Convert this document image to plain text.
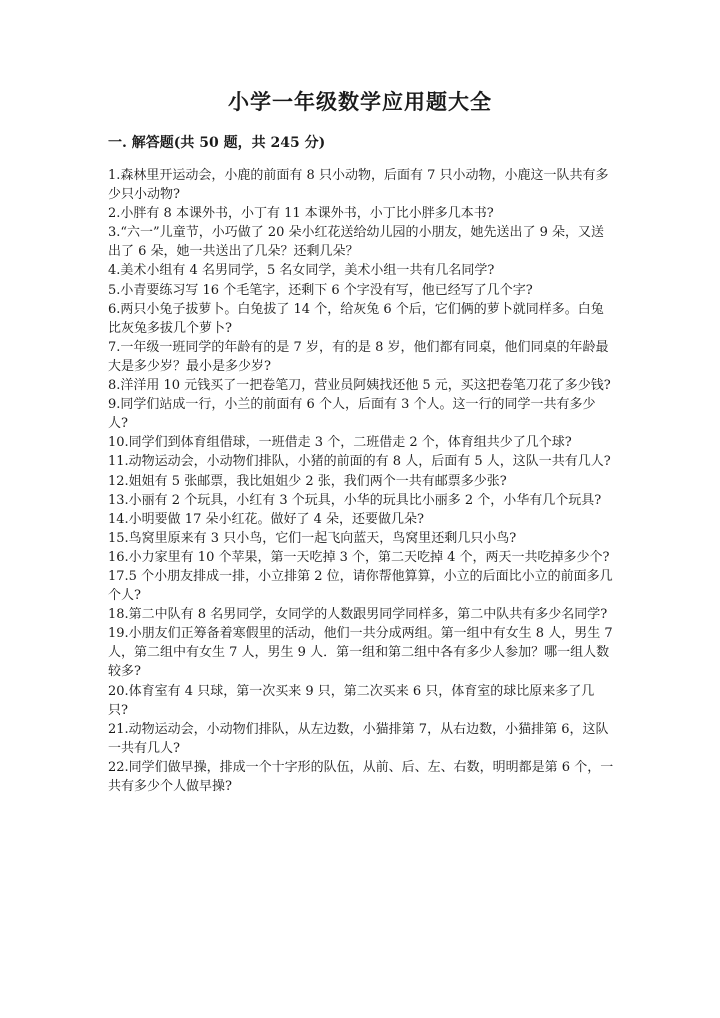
小学一年级数学应用题大全
一. 解答题(共 50 题，共 245 分)

1.森林里开运动会，小鹿的前面有 8 只小动物，后面有 7 只小动物，小鹿这一队共有多少只小动物?

2.小胖有 8 本课外书，小丁有 11 本课外书，小丁比小胖多几本书?

3.“六一”儿童节，小巧做了 20 朵小红花送给幼儿园的小朋友，她先送出了 9 朵，又送出了 6 朵，她一共送出了几朵？还剩几朵？

4.美术小组有 4 名男同学，5 名女同学，美术小组一共有几名同学?

5.小青要练习写 16 个毛笔字，还剩下 6 个字没有写，他已经写了几个字?

6.两只小兔子拔萝卜。白兔拔了 14 个，给灰兔 6 个后，它们俩的萝卜就同样多。白兔比灰兔多拔几个萝卜?

7.一年级一班同学的年龄有的是 7 岁，有的是 8 岁，他们都有同桌，他们同桌的年龄最大是多少岁？最小是多少岁?

8.洋洋用 10 元钱买了一把卷笔刀，营业员阿姨找还他 5 元，买这把卷笔刀花了多少钱?

9.同学们站成一行，小兰的前面有 6 个人，后面有 3 个人。这一行的同学一共有多少人?

10.同学们到体育组借球，一班借走 3 个，二班借走 2 个，体育组共少了几个球?

11.动物运动会，小动物们排队，小猪的前面的有 8 人，后面有 5 人，这队一共有几人?

12.姐姐有 5 张邮票，我比姐姐少 2 张，我们两个一共有邮票多少张?

13.小丽有 2 个玩具，小红有 3 个玩具，小华的玩具比小丽多 2 个，小华有几个玩具?

14.小明要做 17 朵小红花。做好了 4 朵，还要做几朵?

15.鸟窝里原来有 3 只小鸟，它们一起飞向蓝天，鸟窝里还剩几只小鸟?

16.小力家里有 10 个苹果，第一天吃掉 3 个，第二天吃掉 4 个，两天一共吃掉多少个?

17.5 个小朋友排成一排，小立排第 2 位，请你帮他算算，小立的后面比小立的前面多几个人?

18.第二中队有 8 名男同学，女同学的人数跟男同学同样多，第二中队共有多少名同学?

19.小朋友们正筹备着寒假里的活动，他们一共分成两组。第一组中有女生 8 人，男生 7 人，第二组中有女生 7 人，男生 9 人．第一组和第二组中各有多少人参加？哪一组人数较多?

20.体育室有 4 只球，第一次买来 9 只，第二次买来 6 只，体育室的球比原来多了几只?

21.动物运动会，小动物们排队，从左边数，小猫排第 7，从右边数，小猫排第 6，这队一共有几人?

22.同学们做早操，排成一个十字形的队伍，从前、后、左、右数，明明都是第 6 个，一共有多少个人做早操?
